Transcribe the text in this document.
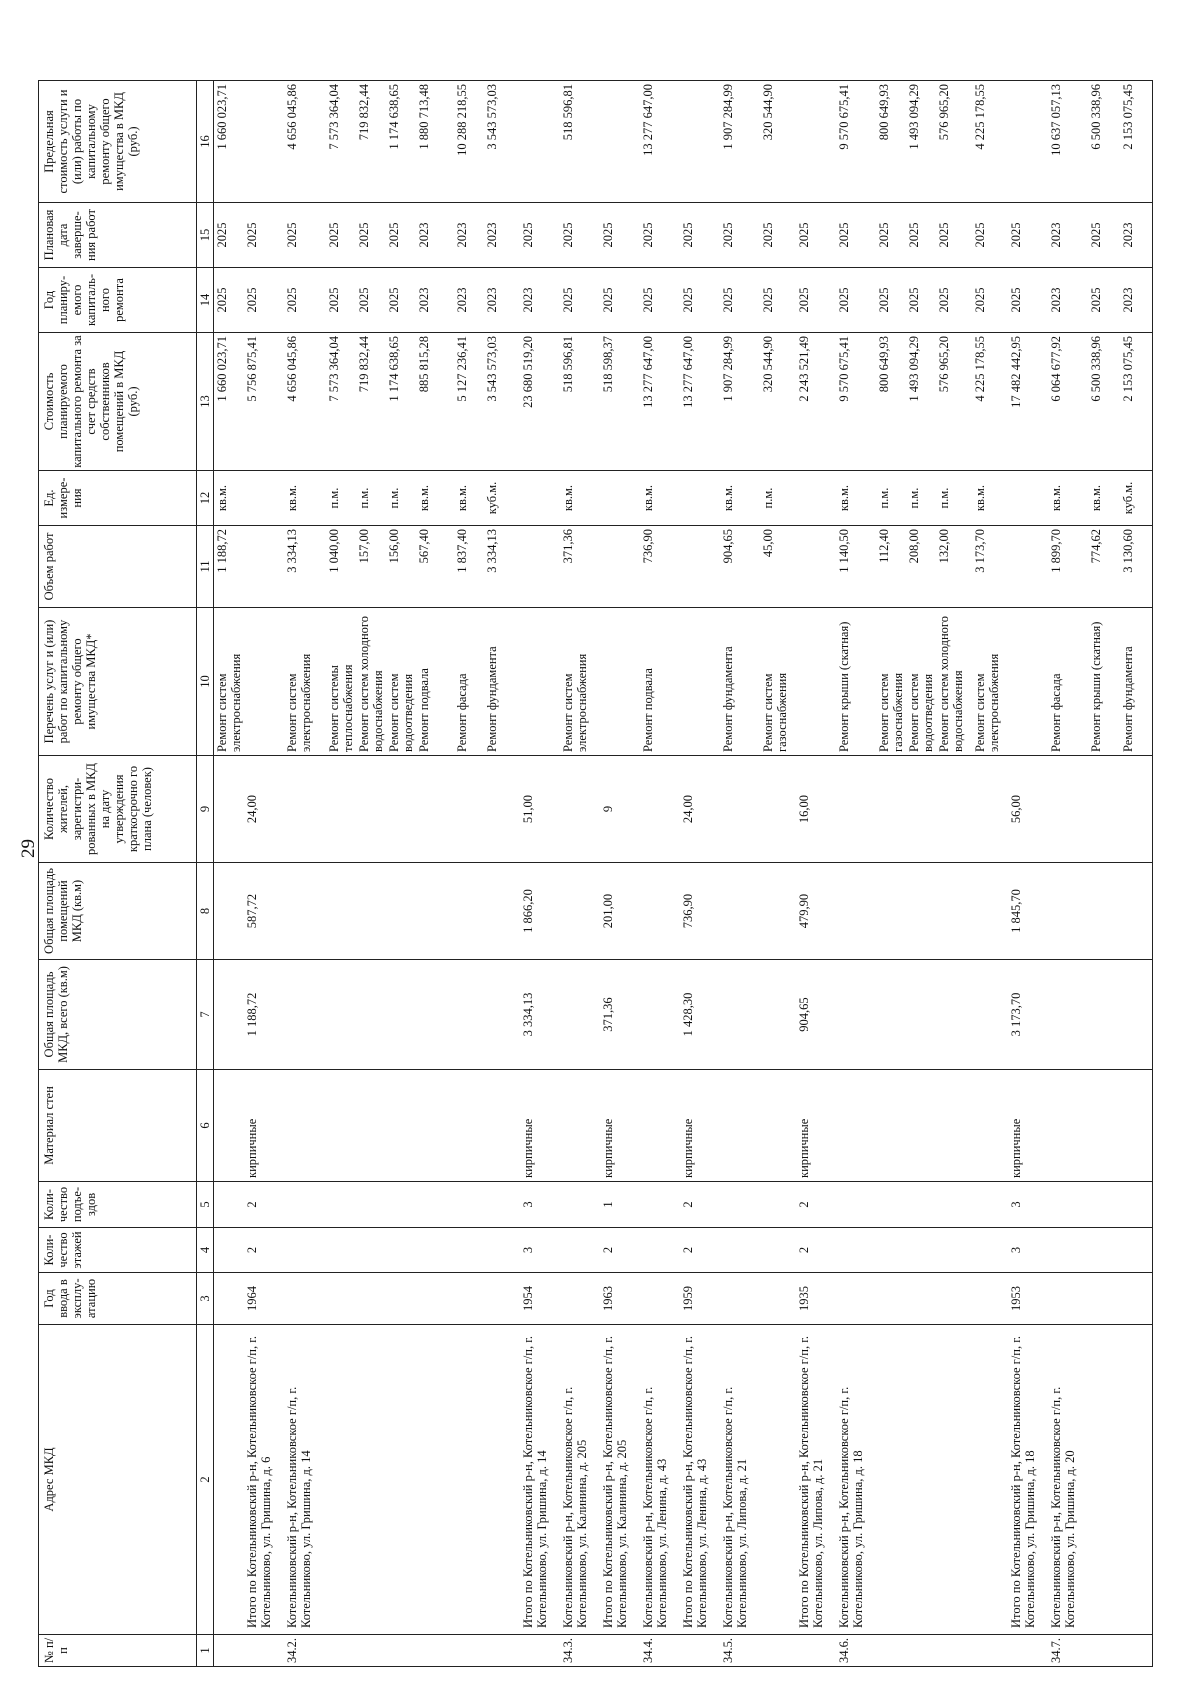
29
№ п/п	Адрес МКД	Год ввода в эксплу-атацию	Коли-чество этажей	Коли-чество подъе-здов	Материал стен	Общая площадь МКД, всего (кв.м)	Общая площадь помещений МКД (кв.м)	Количество жителей, зарегистри-рованных в МКД на дату утверждения краткосрочно го плана (человек)	Перечень услуг и (или) работ по капитальному ремонту общего имущества МКД*	Объем работ	Ед. измере-ния	Стоимость планируемого капитального ремонта за счет средств собственников помещений в МКД (руб.)	Год планиру-емого капиталь-ного ремонта	Плановая дата заверше-ния работ	Предельная стоимость услуги и (или) работы по капитальному ремонту общего имущества в МКД (руб.)
1	2	3	4	5	6	7	8	9	10	11	12	13	14	15	16
									Ремонт систем электроснабжения	1 188,72	кв.м.	1 660 023,71	2025	2025	1 660 023,71
	Итого по Котельниковский р-н, Котельниковское г/п, г. Котельниково, ул. Гришина, д. 6	1964	2	2	кирпичные	1 188,72	587,72	24,00				5 756 875,41	2025	2025	
34.2.	Котельниковский р-н, Котельниковское г/п, г. Котельниково, ул. Гришина, д. 14								Ремонт систем электроснабжения	3 334,13	кв.м.	4 656 045,86	2025	2025	4 656 045,86
									Ремонт системы теплоснабжения	1 040,00	п.м.	7 573 364,04	2025	2025	7 573 364,04
									Ремонт систем холодного водоснабжения	157,00	п.м.	719 832,44	2025	2025	719 832,44
									Ремонт систем водоотведения	156,00	п.м.	1 174 638,65	2025	2025	1 174 638,65
									Ремонт подвала	567,40	кв.м.	885 815,28	2023	2023	1 880 713,48
									Ремонт фасада	1 837,40	кв.м.	5 127 236,41	2023	2023	10 288 218,55
									Ремонт фундамента	3 334,13	куб.м.	3 543 573,03	2023	2023	3 543 573,03
	Итого по Котельниковский р-н, Котельниковское г/п, г. Котельниково, ул. Гришина, д. 14	1954	3	3	кирпичные	3 334,13	1 866,20	51,00				23 680 519,20	2023	2025	
34.3.	Котельниковский р-н, Котельниковское г/п, г. Котельниково, ул. Калинина, д. 205								Ремонт систем электроснабжения	371,36	кв.м.	518 596,81	2025	2025	518 596,81
	Итого по Котельниковский р-н, Котельниковское г/п, г. Котельниково, ул. Калинина, д. 205	1963	2	1	кирпичные	371,36	201,00	9				518 598,37	2025	2025	
34.4.	Котельниковский р-н, Котельниковское г/п, г. Котельниково, ул. Ленина, д. 43								Ремонт подвала	736,90	кв.м.	13 277 647,00	2025	2025	13 277 647,00
	Итого по Котельниковский р-н, Котельниковское г/п, г. Котельниково, ул. Ленина, д. 43	1959	2	2	кирпичные	1 428,30	736,90	24,00				13 277 647,00	2025	2025	
34.5.	Котельниковский р-н, Котельниковское г/п, г. Котельниково, ул. Липова, д. 21								Ремонт фундамента	904,65	кв.м.	1 907 284,99	2025	2025	1 907 284,99
									Ремонт систем газоснабжения	45,00	п.м.	320 544,90	2025	2025	320 544,90
	Итого по Котельниковский р-н, Котельниковское г/п, г. Котельниково, ул. Липова, д. 21	1935	2	2	кирпичные	904,65	479,90	16,00				2 243 521,49	2025	2025	
34.6.	Котельниковский р-н, Котельниковское г/п, г. Котельниково, ул. Гришина, д. 18								Ремонт крыши (скатная)	1 140,50	кв.м.	9 570 675,41	2025	2025	9 570 675,41
									Ремонт систем газоснабжения	112,40	п.м.	800 649,93	2025	2025	800 649,93
									Ремонт систем водоотведения	208,00	п.м.	1 493 094,29	2025	2025	1 493 094,29
									Ремонт систем холодного водоснабжения	132,00	п.м.	576 965,20	2025	2025	576 965,20
									Ремонт систем электроснабжения	3 173,70	кв.м.	4 225 178,55	2025	2025	4 225 178,55
	Итого по Котельниковский р-н, Котельниковское г/п, г. Котельниково, ул. Гришина, д. 18	1953	3	3	кирпичные	3 173,70	1 845,70	56,00				17 482 442,95	2025	2025	
34.7.	Котельниковский р-н, Котельниковское г/п, г. Котельниково, ул. Гришина, д. 20								Ремонт фасада	1 899,70	кв.м.	6 064 677,92	2023	2023	10 637 057,13
									Ремонт крыши (скатная)	774,62	кв.м.	6 500 338,96	2025	2025	6 500 338,96
									Ремонт фундамента	3 130,60	куб.м.	2 153 075,45	2023	2023	2 153 075,45
